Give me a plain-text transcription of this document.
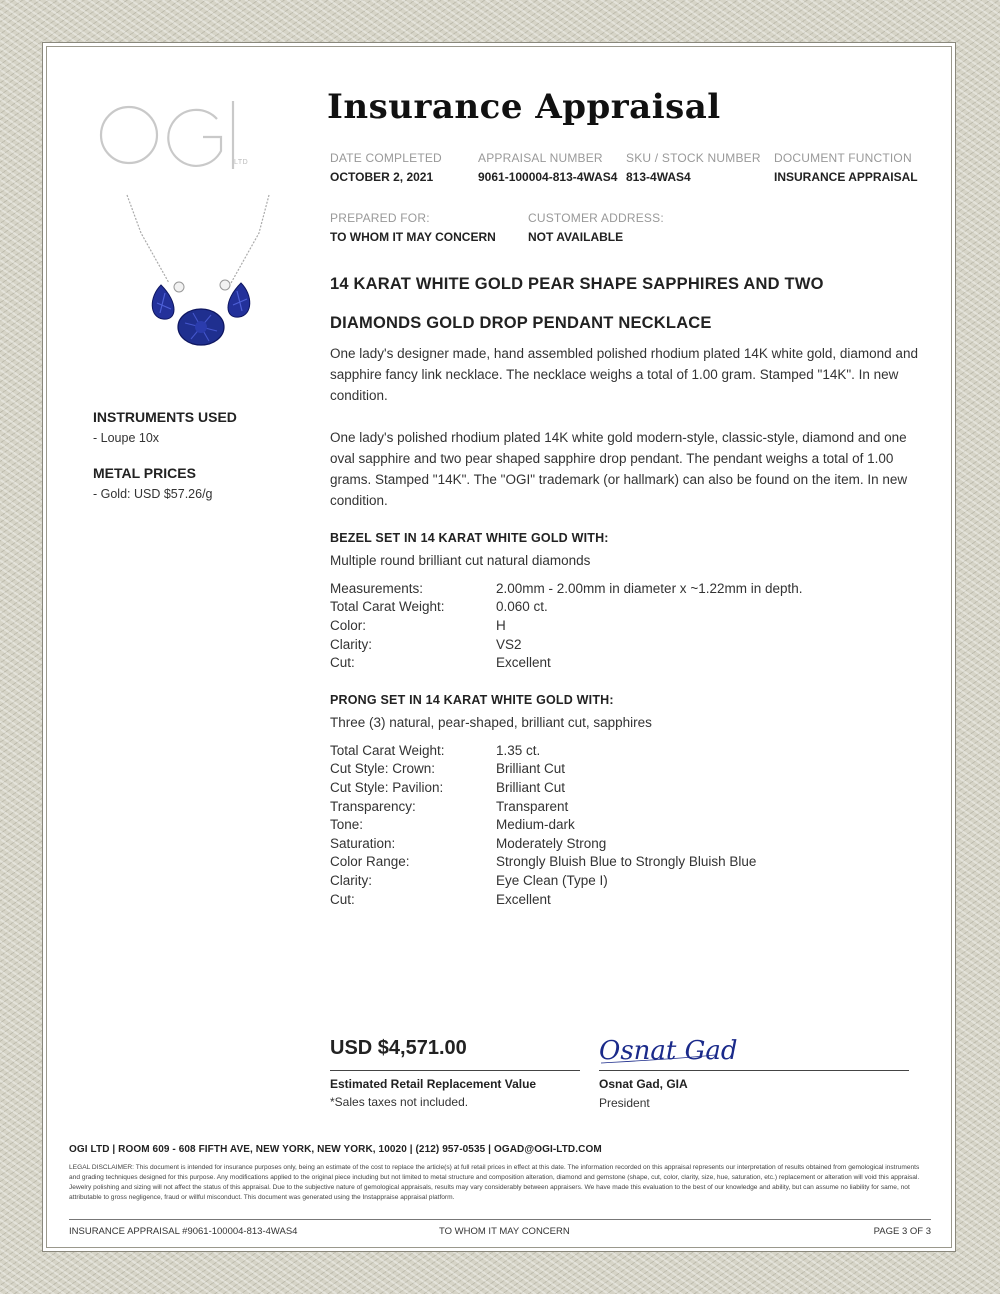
LTD
INSTRUMENTS USED
- Loupe 10x
METAL PRICES
- Gold: USD $57.26/g
Insurance Appraisal
DATE COMPLETED
OCTOBER 2, 2021
APPRAISAL NUMBER
9061-100004-813-4WAS4
SKU / STOCK NUMBER
813-4WAS4
DOCUMENT FUNCTION
INSURANCE APPRAISAL
PREPARED FOR:
TO WHOM IT MAY CONCERN
CUSTOMER ADDRESS:
NOT AVAILABLE
14 KARAT WHITE GOLD PEAR SHAPE SAPPHIRES AND TWO
DIAMONDS GOLD DROP PENDANT NECKLACE
One lady's designer made, hand assembled polished rhodium plated 14K white gold, diamond and sapphire fancy link necklace. The necklace weighs a total of 1.00 gram. Stamped "14K". In new condition.
One lady's polished rhodium plated 14K white gold modern-style, classic-style, diamond and one oval sapphire and two pear shaped sapphire drop pendant. The pendant weighs a total of 1.00 grams. Stamped "14K". The "OGI" trademark (or hallmark) can also be found on the item. In new condition.
BEZEL SET IN 14 KARAT WHITE GOLD WITH:
Multiple round brilliant cut natural diamonds
Measurements:	2.00mm - 2.00mm in diameter x ~1.22mm in depth.
Total Carat Weight:	0.060 ct.
Color:	H
Clarity:	VS2
Cut:	Excellent
PRONG SET IN 14 KARAT WHITE GOLD WITH:
Three (3) natural, pear-shaped, brilliant cut, sapphires
Total Carat Weight:	1.35 ct.
Cut Style: Crown:	Brilliant Cut
Cut Style: Pavilion:	Brilliant Cut
Transparency:	Transparent
Tone:	Medium-dark
Saturation:	Moderately Strong
Color Range:	Strongly Bluish Blue to Strongly Bluish Blue
Clarity:	Eye Clean (Type I)
Cut:	Excellent
USD $4,571.00
Estimated Retail Replacement Value
*Sales taxes not included.
Osnat Gad
Osnat Gad, GIA
President
OGI LTD | ROOM 609 - 608 FIFTH AVE, NEW YORK, NEW YORK, 10020 | (212) 957-0535 | OGAD@OGI-LTD.COM
LEGAL DISCLAIMER: This document is intended for insurance purposes only, being an estimate of the cost to replace the article(s) at full retail prices in effect at this date. The information recorded on this appraisal represents our interpretation of results obtained from gemological instruments and grading techniques designed for this purpose. Any modifications applied to the original piece including but not limited to metal structure and composition alteration, diamond and gemstone (shape, cut, color, clarity, size, hue, saturation, etc.) replacement or alteration will void this appraisal. Jewelry polishing and sizing will not affect the status of this appraisal. Due to the subjective nature of gemological appraisals, results may vary considerably between appraisers. We have made this evaluation to the best of our knowledge and ability, but can assume no liability for same, not attributable to gross negligence, fraud or willful misconduct. This document was generated using the Instappraise appraisal platform.
INSURANCE APPRAISAL #9061-100004-813-4WAS4	TO WHOM IT MAY CONCERN	PAGE 3 OF 3
